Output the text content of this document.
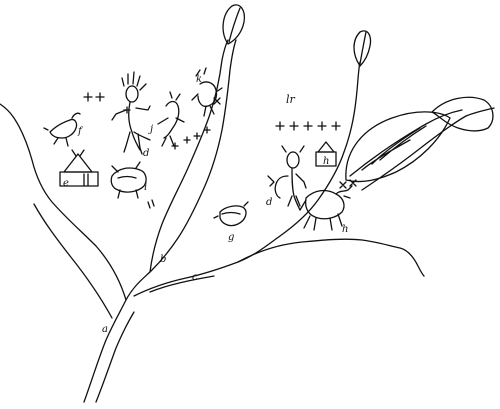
f
d
j
k
e	i
lr
h
d
g
h
a
b
c
